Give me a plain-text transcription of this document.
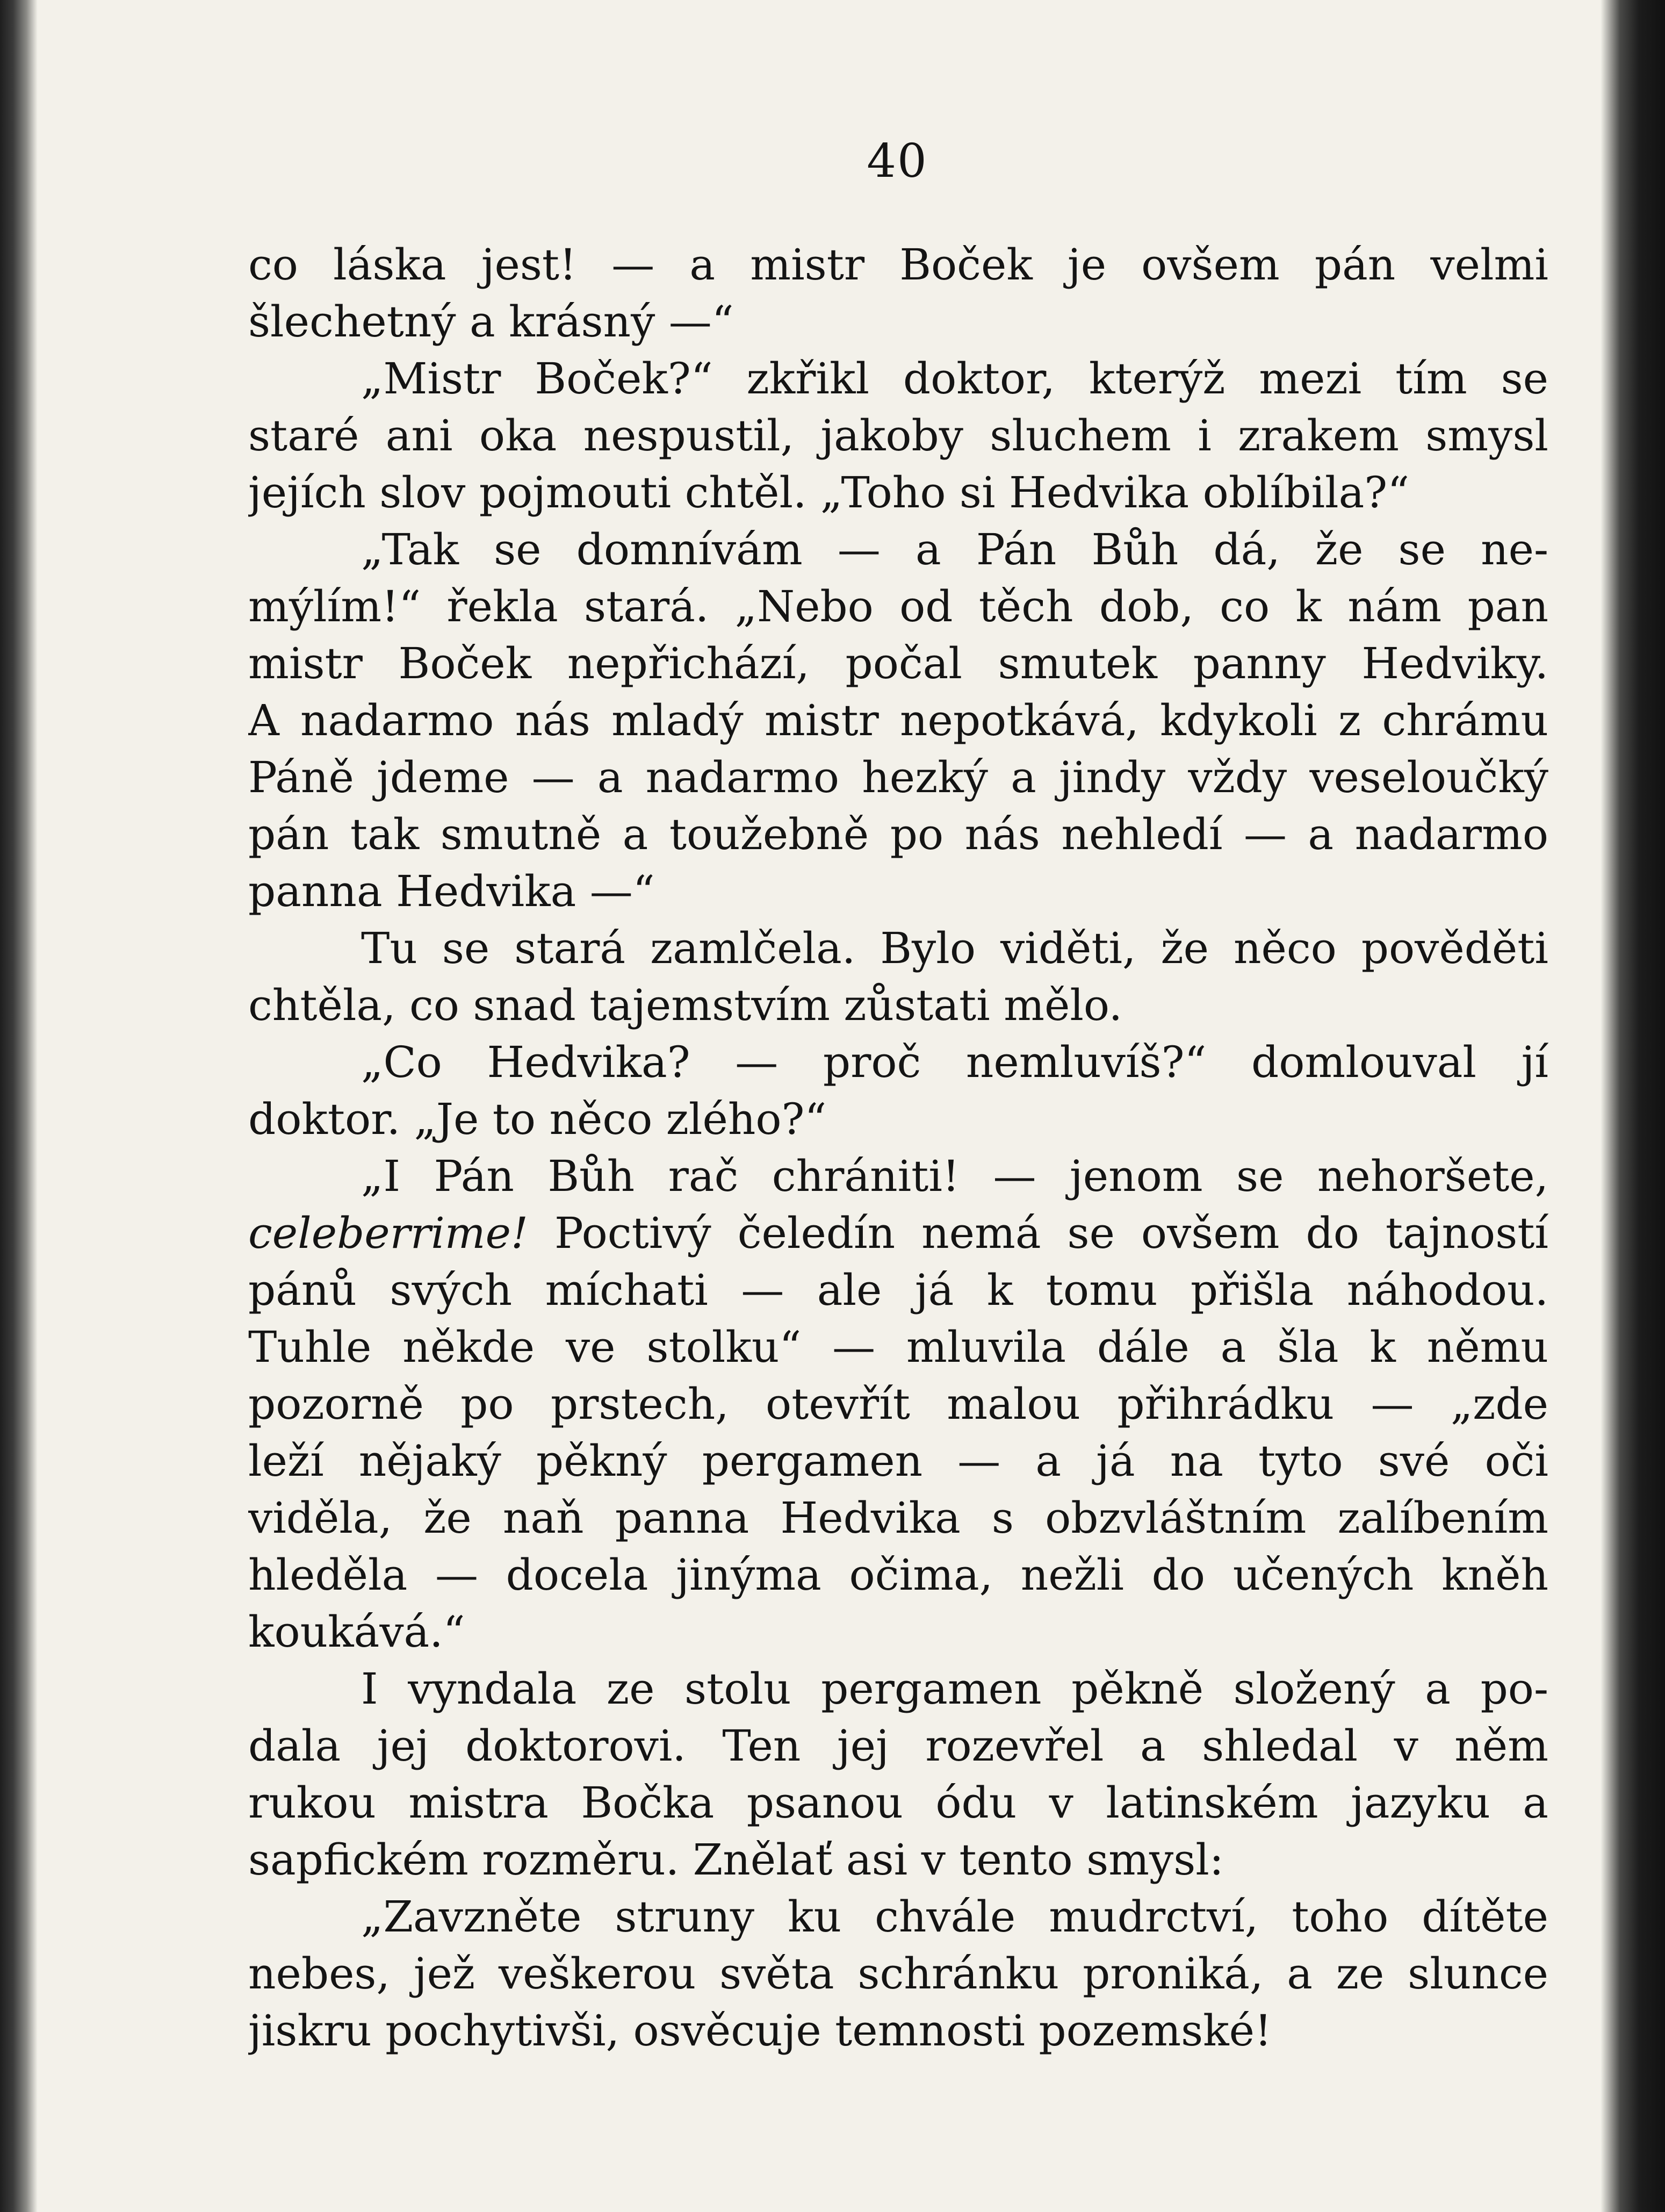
40
co láska jest! — a mistr Boček je ovšem pán velmi
šlechetný a krásný —“
„Mistr Boček?“ zkřikl doktor, kterýž mezi tím se
staré ani oka nespustil, jakoby sluchem i zrakem smysl
jejích slov pojmouti chtěl. „Toho si Hedvika oblíbila?“
„Tak se domnívám — a Pán Bůh dá, že se ne-
mýlím!“ řekla stará. „Nebo od těch dob, co k nám pan
mistr Boček nepřichází, počal smutek panny Hedviky.
A nadarmo nás mladý mistr nepotkává, kdykoli z chrámu
Páně jdeme — a nadarmo hezký a jindy vždy veseloučký
pán tak smutně a toužebně po nás nehledí — a nadarmo
panna Hedvika —“
Tu se stará zamlčela. Bylo viděti, že něco pověděti
chtěla, co snad tajemstvím zůstati mělo.
„Co Hedvika? — proč nemluvíš?“ domlouval jí
doktor. „Je to něco zlého?“
„I Pán Bůh rač chrániti! — jenom se nehoršete,
celeberrime! Poctivý čeledín nemá se ovšem do tajností
pánů svých míchati — ale já k tomu přišla náhodou.
Tuhle někde ve stolku“ — mluvila dále a šla k němu
pozorně po prstech, otevřít malou přihrádku — „zde
leží nějaký pěkný pergamen — a já na tyto své oči
viděla, že naň panna Hedvika s obzvláštním zalíbením
hleděla — docela jinýma očima, nežli do učených kněh
koukává.“
I vyndala ze stolu pergamen pěkně složený a po-
dala jej doktorovi. Ten jej rozevřel a shledal v něm
rukou mistra Bočka psanou ódu v latinském jazyku a
sapfickém rozměru. Znělať asi v tento smysl:
„Zavzněte struny ku chvále mudrctví, toho dítěte
nebes, jež veškerou světa schránku proniká, a ze slunce
jiskru pochytivši, osvěcuje temnosti pozemské!
